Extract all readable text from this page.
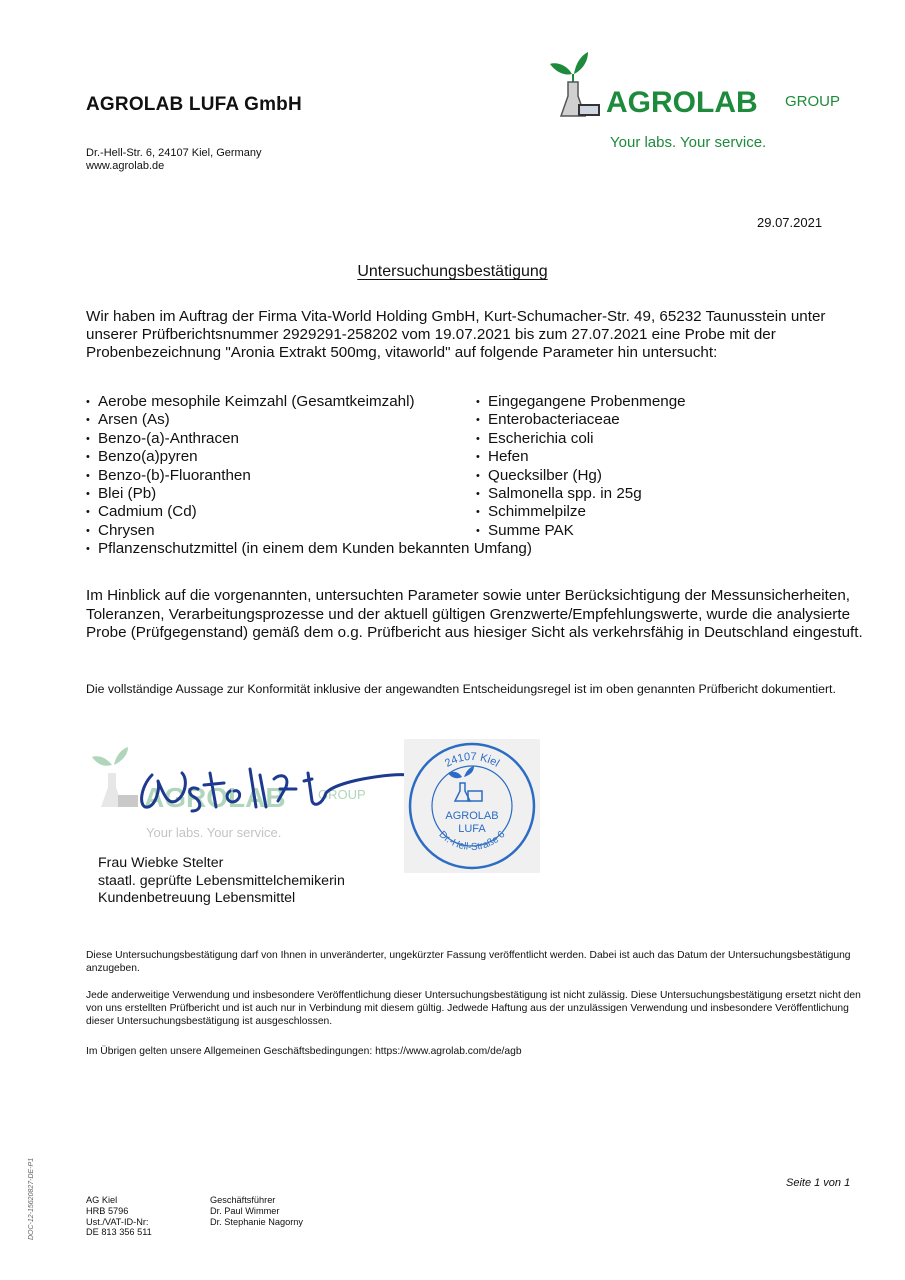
AGROLAB LUFA GmbH
Dr.-Hell-Str. 6, 24107 Kiel, Germany
www.agrolab.de
AGROLAB GROUP
Your labs. Your service.
29.07.2021
Untersuchungsbestätigung
Wir haben im Auftrag der Firma Vita-World Holding GmbH, Kurt-Schumacher-Str. 49, 65232 Taunusstein unter unserer Prüfberichtsnummer 2929291-258202 vom 19.07.2021 bis zum 27.07.2021 eine Probe mit der Probenbezeichnung "Aronia Extrakt 500mg, vitaworld" auf folgende Parameter hin untersucht:
• Aerobe mesophile Keimzahl (Gesamtkeimzahl)
• Arsen (As)
• Benzo-(a)-Anthracen
• Benzo(a)pyren
• Benzo-(b)-Fluoranthen
• Blei (Pb)
• Cadmium (Cd)
• Chrysen
• Eingegangene Probenmenge
• Enterobacteriaceae
• Escherichia coli
• Hefen
• Quecksilber (Hg)
• Salmonella spp. in 25g
• Schimmelpilze
• Summe PAK
• Pflanzenschutzmittel (in einem dem Kunden bekannten Umfang)
Im Hinblick auf die vorgenannten, untersuchten Parameter sowie unter Berücksichtigung der Messunsicherheiten, Toleranzen, Verarbeitungsprozesse und der aktuell gültigen Grenzwerte/Empfehlungswerte, wurde die analysierte Probe (Prüfgegenstand) gemäß dem o.g. Prüfbericht aus hiesiger Sicht als verkehrsfähig in Deutschland eingestuft.
Die vollständige Aussage zur Konformität inklusive der angewandten Entscheidungsregel ist im oben genannten Prüfbericht dokumentiert.
AGROLAB GROUP
Your labs. Your service.
24107 Kiel
Dr.-Hell-Straße 6
AGROLAB
LUFA
Frau Wiebke Stelter
staatl. geprüfte Lebensmittelchemikerin
Kundenbetreuung Lebensmittel
Diese Untersuchungsbestätigung darf von Ihnen in unveränderter, ungekürzter Fassung veröffentlicht werden. Dabei ist auch das Datum der Untersuchungsbestätigung anzugeben.
Jede anderweitige Verwendung und insbesondere Veröffentlichung dieser Untersuchungsbestätigung ist nicht zulässig. Diese Untersuchungsbestätigung ersetzt nicht den von uns erstellten Prüfbericht und ist auch nur in Verbindung mit diesem gültig. Jedwede Haftung aus der unzulässigen Verwendung und insbesondere Veröffentlichung dieser Untersuchungsbestätigung ist ausgeschlossen.
Im Übrigen gelten unsere Allgemeinen Geschäftsbedingungen: https://www.agrolab.com/de/agb
Seite 1 von 1
AG Kiel
HRB 5796
Ust./VAT-ID-Nr:
DE 813 356 511
Geschäftsführer
Dr. Paul Wimmer
Dr. Stephanie Nagorny
DOC-12-15620827-DE-P1
